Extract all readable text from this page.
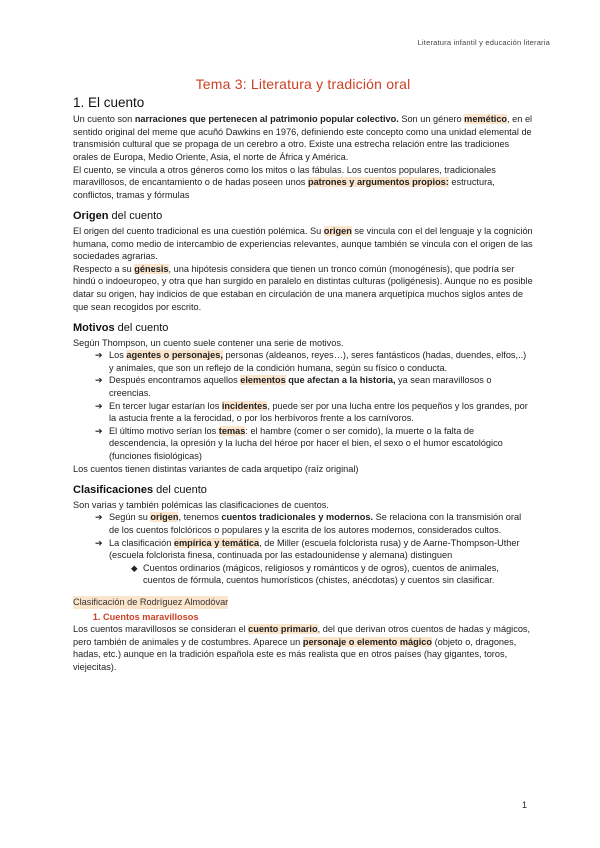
Literatura infantil y educación literaria
Tema 3: Literatura y tradición oral
1. El cuento

Un cuento son narraciones que pertenecen al patrimonio popular colectivo. Son un género memético, en el sentido original del meme que acuñó Dawkins en 1976, definiendo este concepto como una unidad elemental de transmisión cultural que se propaga de un cerebro a otro. Existe una estrecha relación entre las tradiciones orales de Europa, Medio Oriente, Asia, el norte de África y América.

El cuento, se vincula a otros géneros como los mitos o las fábulas. Los cuentos populares, tradicionales maravillosos, de encantamiento o de hadas poseen unos patrones y argumentos propios: estructura, conflictos, tramas y fórmulas

Origen del cuento

El origen del cuento tradicional es una cuestión polémica. Su origen se vincula con el del lenguaje y la cognición humana, como medio de intercambio de experiencias relevantes, aunque también se vincula con el origen de las sociedades agrarias.

Respecto a su génesis, una hipótesis considera que tienen un tronco común (monogénesis), que podría ser hindú o indoeuropeo, y otra que han surgido en paralelo en distintas culturas (poligénesis). Aunque no es posible datar su origen, hay indicios de que estaban en circulación de una manera arquetípica muchos siglos antes de que sean recogidos por escrito.

Motivos del cuento

Según Thompson, un cuento suele contener una serie de motivos.

➔ Los agentes o personajes, personas (aldeanos, reyes…), seres fantásticos (hadas, duendes, elfos,..) y animales, que son un reflejo de la condición humana, según su físico o conducta.
➔ Después encontramos aquellos elementos que afectan a la historia, ya sean maravillosos o creencias.
➔ En tercer lugar estarían los incidentes, puede ser por una lucha entre los pequeños y los grandes, por la astucia frente a la ferocidad, o por los herbívoros frente a los carnívoros.
➔ El último motivo serían los temas: el hambre (comer o ser comido), la muerte o la falta de descendencia, la opresión y la lucha del héroe por hacer el bien, el sexo o el humor escatológico (funciones fisiológicas)

Los cuentos tienen distintas variantes de cada arquetipo (raíz original)

Clasificaciones del cuento

Son varias y también polémicas las clasificaciones de cuentos.

➔ Según su origen, tenemos cuentos tradicionales y modernos. Se relaciona con la transmisión oral de los cuentos folclóricos o populares y la escrita de los autores modernos, considerados cultos.
➔ La clasificación empírica y temática, de Miller (escuela folclorista rusa) y de Aarne-Thompson-Uther (escuela folclorista finesa, continuada por las estadounidense y alemana) distinguen
◆ Cuentos ordinarios (mágicos, religiosos y románticos y de ogros), cuentos de animales, cuentos de fórmula, cuentos humorísticos (chistes, anécdotas) y cuentos sin clasificar.
Clasificación de Rodríguez Almodóvar
1. Cuentos maravillosos

Los cuentos maravillosos se consideran el cuento primario, del que derivan otros cuentos de hadas y mágicos, pero también de animales y de costumbres. Aparece un personaje o elemento mágico (objeto o, dragones, hadas, etc.) aunque en la tradición española este es más realista que en otros países (hay gigantes, toros, viejecitas).

1
